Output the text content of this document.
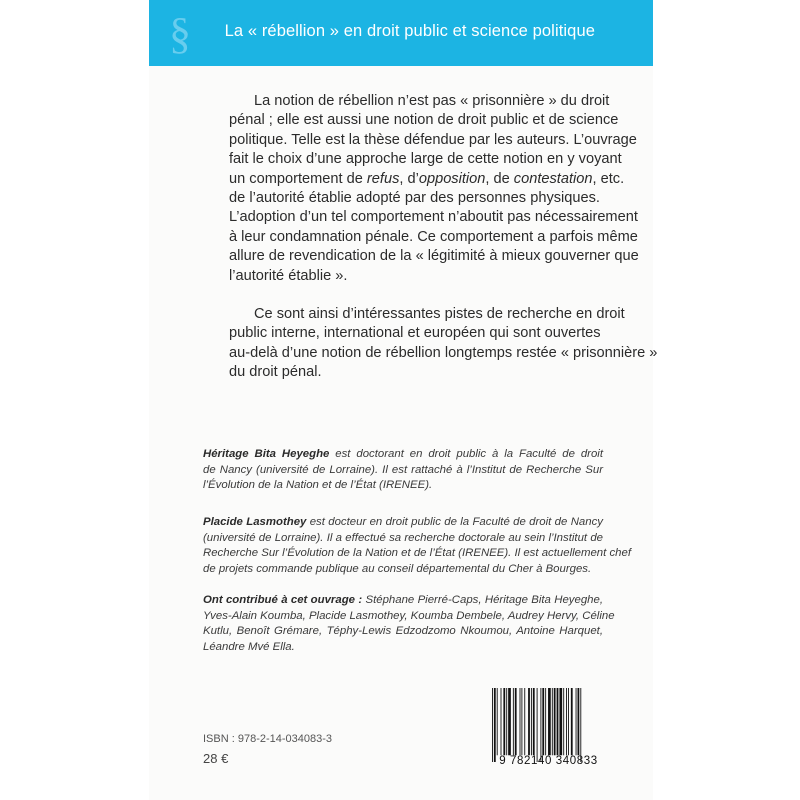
§ La « rébellion » en droit public et science politique

La notion de rébellion n’est pas « prisonnière » du droit
pénal ; elle est aussi une notion de droit public et de science
politique. Telle est la thèse défendue par les auteurs. L’ouvrage
fait le choix d’une approche large de cette notion en y voyant
un comportement de refus, d’opposition, de contestation, etc.
de l’autorité établie adopté par des personnes physiques.
L’adoption d’un tel comportement n’aboutit pas nécessairement
à leur condamnation pénale. Ce comportement a parfois même
allure de revendication de la « légitimité à mieux gouverner que
l’autorité établie ».

Ce sont ainsi d’intéressantes pistes de recherche en droit
public interne, international et européen qui sont ouvertes
au-delà d’une notion de rébellion longtemps restée « prisonnière »
du droit pénal.

Héritage Bita Heyeghe est doctorant en droit public à la Faculté de droit
de Nancy (université de Lorraine). Il est rattaché à l’Institut de Recherche Sur
l’Évolution de la Nation et de l’État (IRENEE).
Placide Lasmothey est docteur en droit public de la Faculté de droit de Nancy
(université de Lorraine). Il a effectué sa recherche doctorale au sein l’Institut de
Recherche Sur l’Évolution de la Nation et de l’État (IRENEE). Il est actuellement chef
de projets commande publique au conseil départemental du Cher à Bourges.
Ont contribué à cet ouvrage : Stéphane Pierré-Caps, Héritage Bita Heyeghe,
Yves-Alain Koumba, Placide Lasmothey, Koumba Dembele, Audrey Hervy, Céline
Kutlu, Benoît Grémare, Téphy-Lewis Edzodzomo Nkoumou, Antoine Harquet,
Léandre Mvé Ella.
ISBN : 978-2-14-034083-3
28 €	9 782140 340833
